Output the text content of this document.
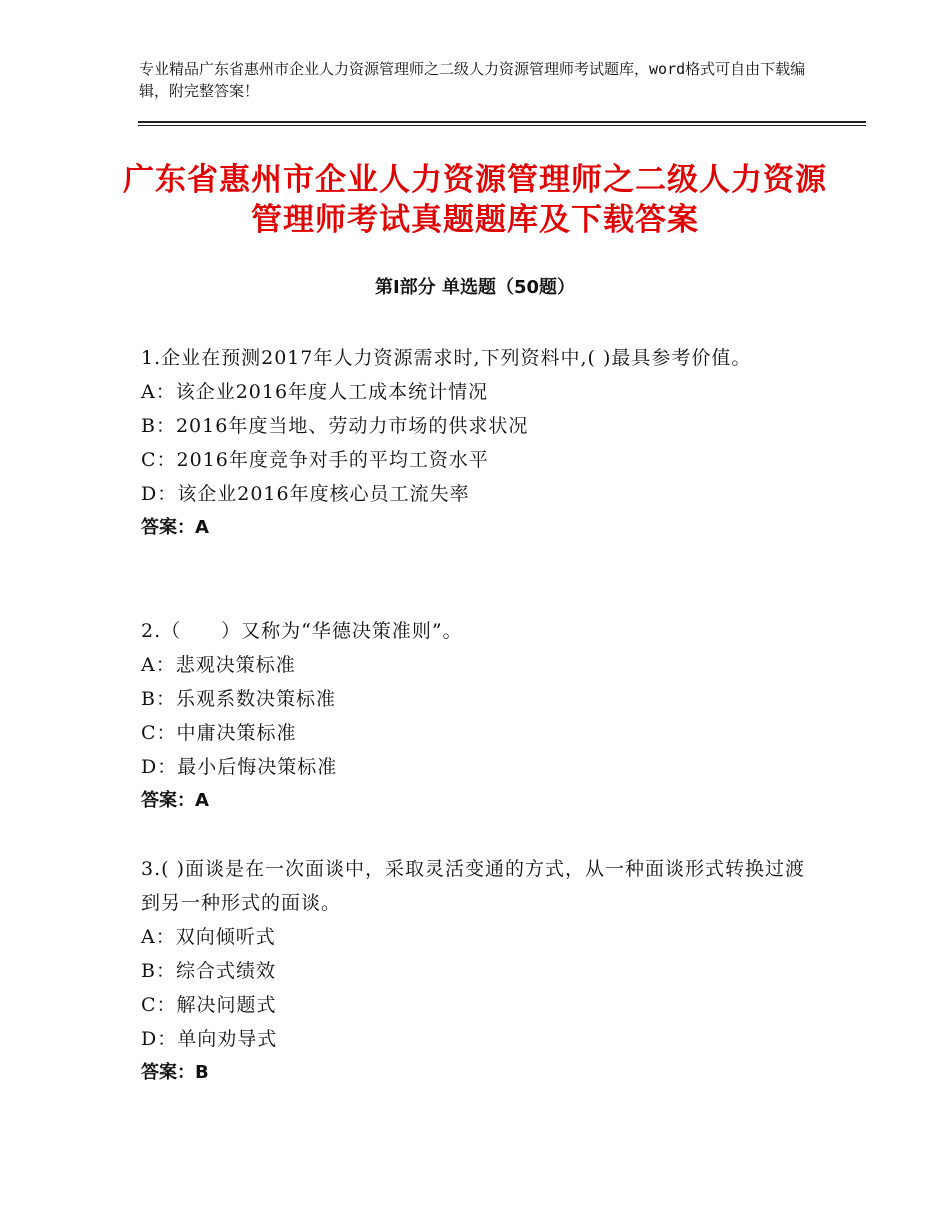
专业精品广东省惠州市企业人力资源管理师之二级人力资源管理师考试题库，word格式可自由下载编辑，附完整答案！
广东省惠州市企业人力资源管理师之二级人力资源管理师考试真题题库及下载答案
第Ⅰ部分 单选题（50题）
1.企业在预测2017年人力资源需求时,下列资料中,( )最具参考价值。
A：该企业2016年度人工成本统计情况
B：2016年度当地、劳动力市场的供求状况
C：2016年度竞争对手的平均工资水平
D：该企业2016年度核心员工流失率
答案：A
2.（　　）又称为“华德决策准则”。
A：悲观决策标准
B：乐观系数决策标准
C：中庸决策标准
D：最小后悔决策标准
答案：A
3.( )面谈是在一次面谈中，采取灵活变通的方式，从一种面谈形式转换过渡到另一种形式的面谈。
A：双向倾听式
B：综合式绩效
C：解决问题式
D：单向劝导式
答案：B
